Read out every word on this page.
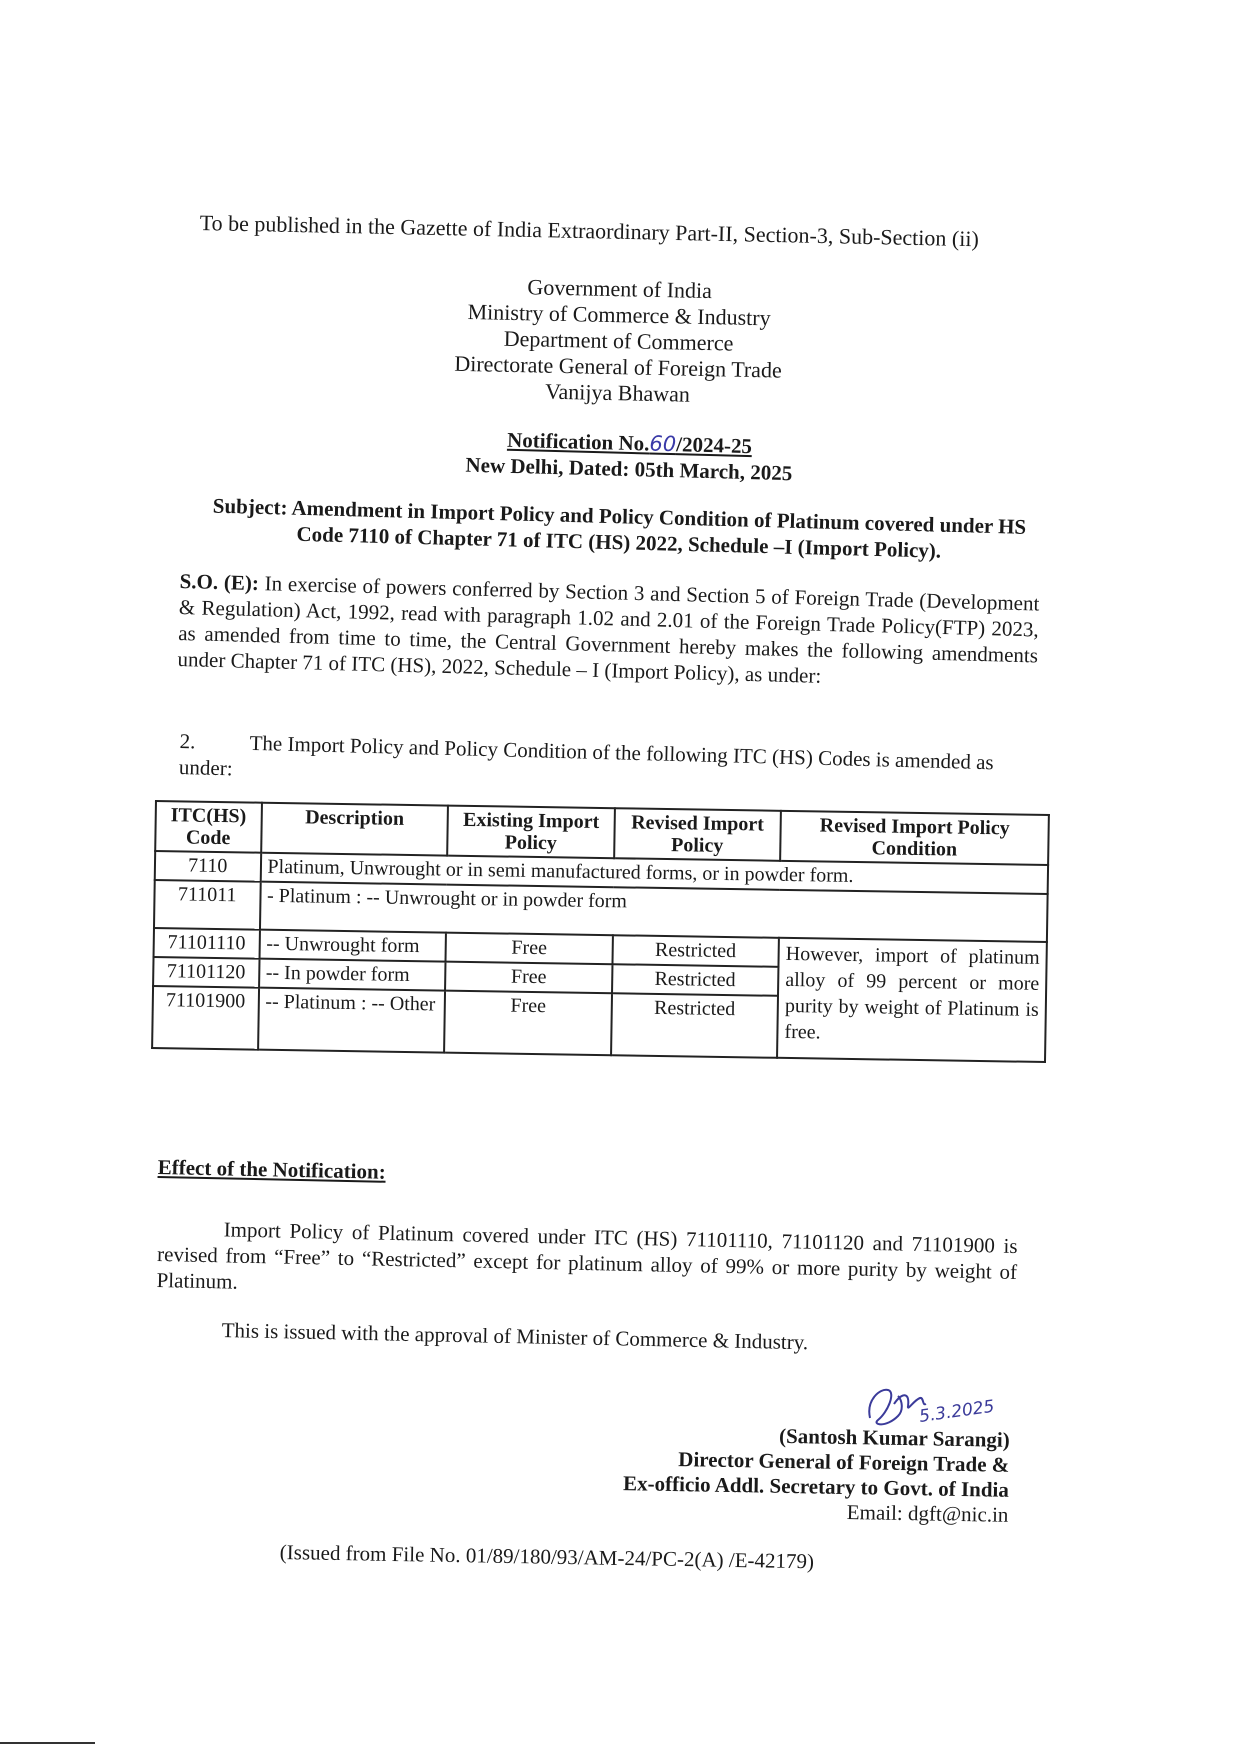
To be published in the Gazette of India Extraordinary Part-II, Section-3, Sub-Section (ii)
Government of India
Ministry of Commerce & Industry
Department of Commerce
Directorate General of Foreign Trade
Vanijya Bhawan
Notification No.60/2024-25
New Delhi, Dated: 05th March, 2025
Subject: Amendment in Import Policy and Policy Condition of Platinum covered under HS Code 7110 of Chapter 71 of ITC (HS) 2022, Schedule –I (Import Policy).
S.O. (E): In exercise of powers conferred by Section 3 and Section 5 of Foreign Trade (Development & Regulation) Act, 1992, read with paragraph 1.02 and 2.01 of the Foreign Trade Policy(FTP) 2023, as amended from time to time, the Central Government hereby makes the following amendments under Chapter 71 of ITC (HS), 2022, Schedule – I (Import Policy), as under:
2.	The Import Policy and Policy Condition of the following ITC (HS) Codes is amended as under:
ITC(HS) Code	Description	Existing Import Policy	Revised Import Policy	Revised Import Policy Condition
7110	Platinum, Unwrought or in semi manufactured forms, or in powder form.			
711011	- Platinum : -- Unwrought or in powder form			
71101110	-- Unwrought form	Free	Restricted	However, import of platinum alloy of 99 percent or more purity by weight of Platinum is free.
71101120	-- In powder form	Free	Restricted	
71101900	-- Platinum : -- Other	Free	Restricted	
Effect of the Notification:
Import Policy of Platinum covered under ITC (HS) 71101110, 71101120 and 71101900 is revised from “Free” to “Restricted” except for platinum alloy of 99% or more purity by weight of Platinum.
This is issued with the approval of Minister of Commerce & Industry.
5.3.2025
(Santosh Kumar Sarangi)
Director General of Foreign Trade &
Ex-officio Addl. Secretary to Govt. of India
Email: dgft@nic.in
(Issued from File No. 01/89/180/93/AM-24/PC-2(A) /E-42179)
